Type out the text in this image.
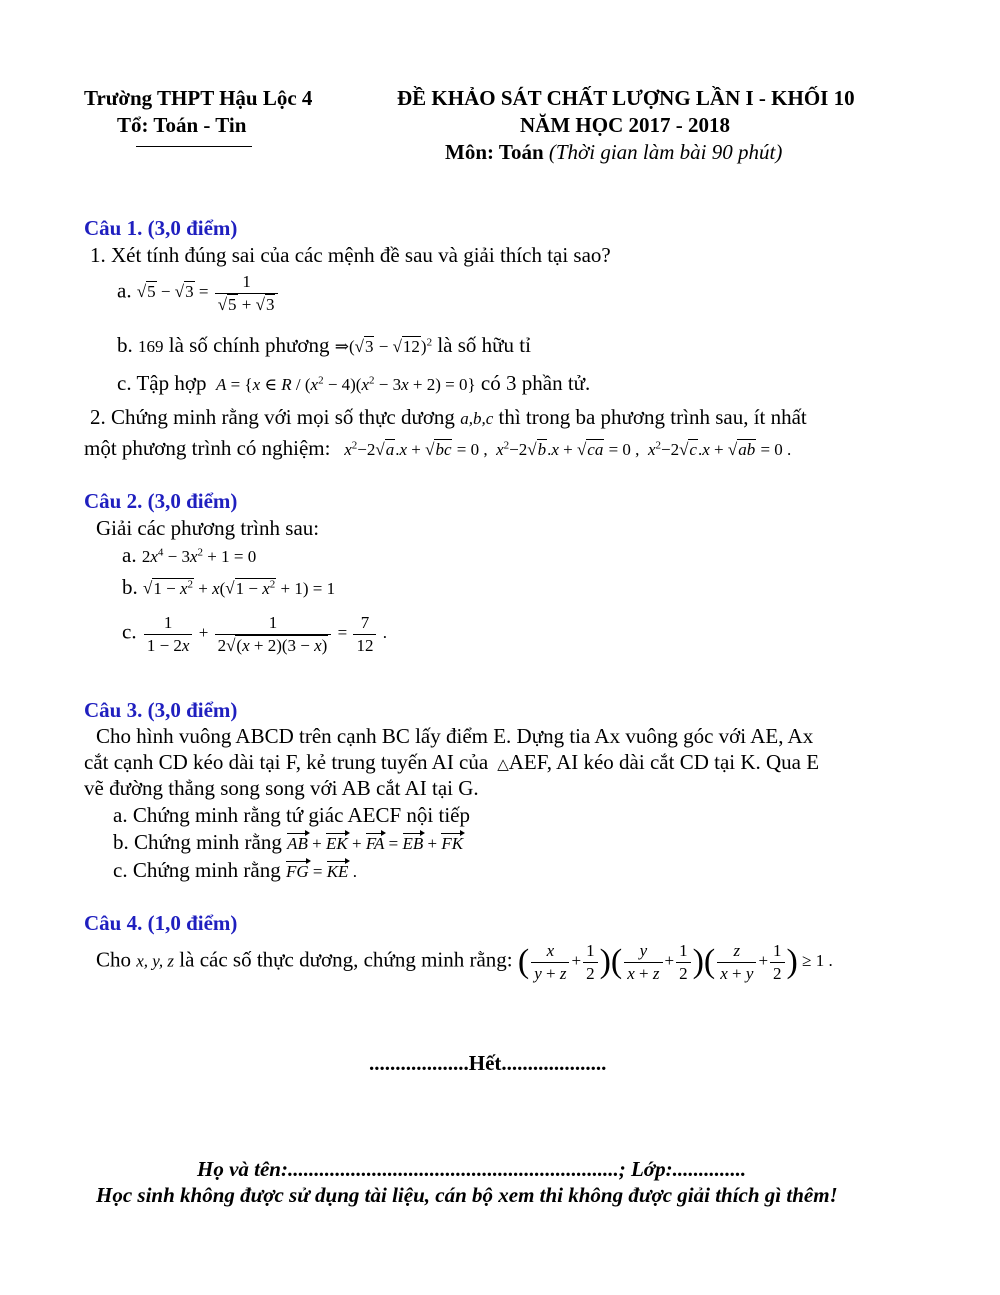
Trường THPT Hậu Lộc 4
Tổ: Toán - Tin
ĐỀ KHẢO SÁT CHẤT LƯỢNG LẦN I - KHỐI 10
NĂM HỌC 2017 - 2018
Môn: Toán (Thời gian làm bài 90 phút)
Câu 1. (3,0 điểm)
1. Xét tính đúng sai của các mệnh đề sau và giải thích tại sao?
a. $√5 - √3 = \frac{1}{√5 + √3}$
b. 169 là số chính phương ⇒(√3 − √12)$^2$ là số hữu tỉ
c. Tập hợp A = {x ∈ $R / (x^2 - 4)(x^2 - 3x + 2) = 0$} có 3 phần tử.
2. Chứng minh rằng với mọi số thực dương a,b,c thì trong ba phương trình sau, ít nhất
một phương trình có nghiệm: $x^2-2√a.x + √bc = 0$ ,  $x^2-2√b.x + √ca = 0$ ,  $x^2-2√c.x + √ab = 0$ .
Câu 2. (3,0 điểm)
Giải các phương trình sau:
a. $2x^4 - 3x^2 + 1 = 0$
b. $√1 - x^2 + x(√1 - x^2 + 1) = 1$
c. $\frac{1}{1 - 2x} + \frac{1}{2√(x + 2)(3 - x)} = \frac{7}{12}$ .
Câu 3. (3,0 điểm)
Cho hình vuông ABCD trên cạnh BC lấy điểm E. Dựng tia Ax vuông góc với AE, Ax
cắt cạnh CD kéo dài tại F, kẻ trung tuyến AI của  △AEF, AI kéo dài cắt CD tại K. Qua E
vẽ đường thẳng song song với AB cắt AI tại G.
a. Chứng minh rằng tứ giác AECF nội tiếp
b. Chứng minh rằng AB + EK + FA = EB + FK
c. Chứng minh rằng FG = KE .
Câu 4. (1,0 điểm)
Cho x, y, z là các số thực dương, chứng minh rằng: ( $\frac{x}{y + z} + \frac{1}{2}$ )( $\frac{y}{x + z} + \frac{1}{2}$ )( $\frac{z}{x + y} + \frac{1}{2}$ ) ≥ 1 .
...................Hết....................
Họ và tên:...............................................................; Lớp:..............
Học sinh không được sử dụng tài liệu, cán bộ xem thi không được giải thích gì thêm!
